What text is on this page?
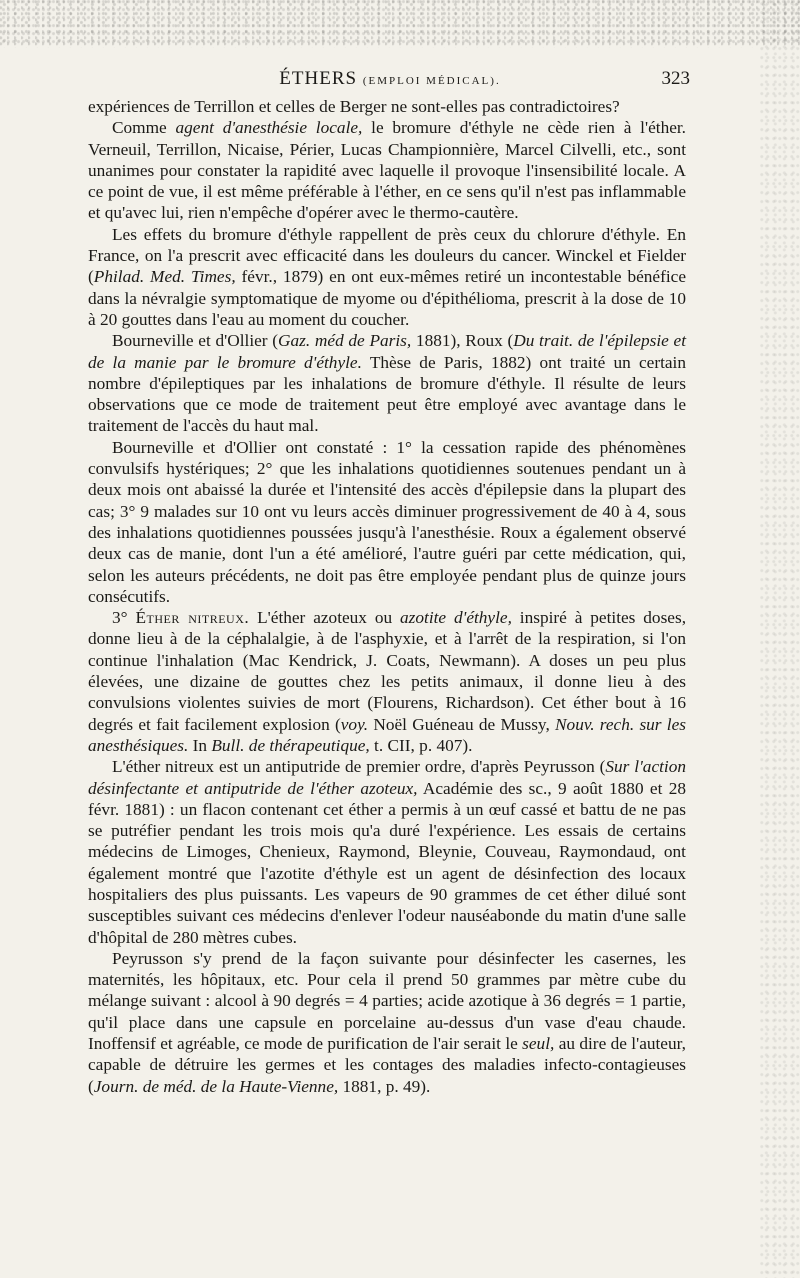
ÉTHERS (EMPLOI MÉDICAL).	323

expériences de Terrillon et celles de Berger ne sont-elles pas contradictoires?

Comme agent d'anesthésie locale, le bromure d'éthyle ne cède rien à l'éther. Verneuil, Terrillon, Nicaise, Périer, Lucas Championnière, Marcel Cilvelli, etc., sont unanimes pour constater la rapidité avec laquelle il provoque l'insensibilité locale. A ce point de vue, il est même préférable à l'éther, en ce sens qu'il n'est pas inflammable et qu'avec lui, rien n'empêche d'opérer avec le thermo-cautère.

Les effets du bromure d'éthyle rappellent de près ceux du chlorure d'éthyle. En France, on l'a prescrit avec efficacité dans les douleurs du cancer. Winckel et Fielder (Philad. Med. Times, févr., 1879) en ont eux-mêmes retiré un incontestable bénéfice dans la névralgie symptomatique de myome ou d'épithélioma, prescrit à la dose de 10 à 20 gouttes dans l'eau au moment du coucher.

Bourneville et d'Ollier (Gaz. méd de Paris, 1881), Roux (Du trait. de l'épilepsie et de la manie par le bromure d'éthyle. Thèse de Paris, 1882) ont traité un certain nombre d'épileptiques par les inhalations de bromure d'éthyle. Il résulte de leurs observations que ce mode de traitement peut être employé avec avantage dans le traitement de l'accès du haut mal.

Bourneville et d'Ollier ont constaté : 1° la cessation rapide des phénomènes convulsifs hystériques; 2° que les inhalations quotidiennes soutenues pendant un à deux mois ont abaissé la durée et l'intensité des accès d'épilepsie dans la plupart des cas; 3° 9 malades sur 10 ont vu leurs accès diminuer progressivement de 40 à 4, sous des inhalations quotidiennes poussées jusqu'à l'anesthésie. Roux a également observé deux cas de manie, dont l'un a été amélioré, l'autre guéri par cette médication, qui, selon les auteurs précédents, ne doit pas être employée pendant plus de quinze jours consécutifs.

3° Éther nitreux. L'éther azoteux ou azotite d'éthyle, inspiré à petites doses, donne lieu à de la céphalalgie, à de l'asphyxie, et à l'arrêt de la respiration, si l'on continue l'inhalation (Mac Kendrick, J. Coats, Newmann). A doses un peu plus élevées, une dizaine de gouttes chez les petits animaux, il donne lieu à des convulsions violentes suivies de mort (Flourens, Richardson). Cet éther bout à 16 degrés et fait facilement explosion (voy. Noël Guéneau de Mussy, Nouv. rech. sur les anesthésiques. In Bull. de thérapeutique, t. CII, p. 407).

L'éther nitreux est un antiputride de premier ordre, d'après Peyrusson (Sur l'action désinfectante et antiputride de l'éther azoteux, Académie des sc., 9 août 1880 et 28 févr. 1881) : un flacon contenant cet éther a permis à un œuf cassé et battu de ne pas se putréfier pendant les trois mois qu'a duré l'expérience. Les essais de certains médecins de Limoges, Chenieux, Raymond, Bleynie, Couveau, Raymondaud, ont également montré que l'azotite d'éthyle est un agent de désinfection des locaux hospitaliers des plus puissants. Les vapeurs de 90 grammes de cet éther dilué sont susceptibles suivant ces médecins d'enlever l'odeur nauséabonde du matin d'une salle d'hôpital de 280 mètres cubes.

Peyrusson s'y prend de la façon suivante pour désinfecter les casernes, les maternités, les hôpitaux, etc. Pour cela il prend 50 grammes par mètre cube du mélange suivant : alcool à 90 degrés = 4 parties; acide azotique à 36 degrés = 1 partie, qu'il place dans une capsule en porcelaine au-dessus d'un vase d'eau chaude. Inoffensif et agréable, ce mode de purification de l'air serait le seul, au dire de l'auteur, capable de détruire les germes et les contages des maladies infecto-contagieuses (Journ. de méd. de la Haute-Vienne, 1881, p. 49).
